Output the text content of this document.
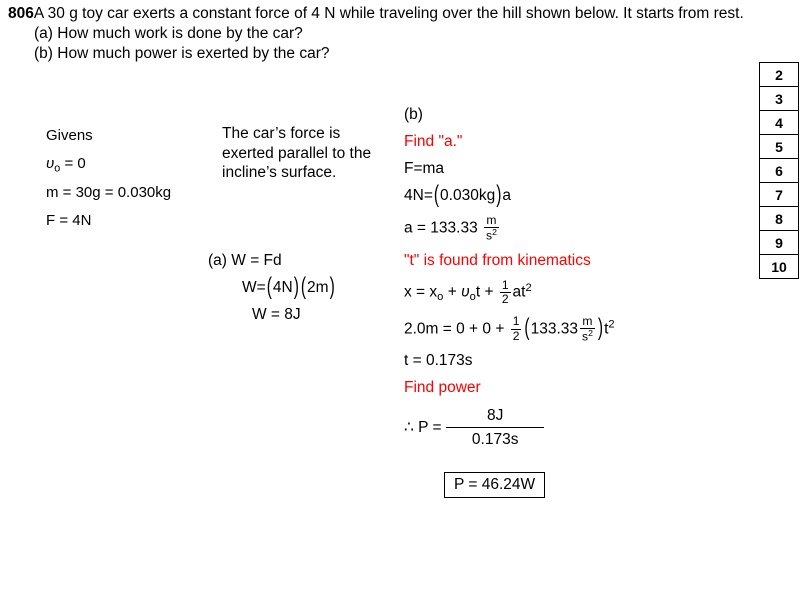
806A 30 g toy car exerts a constant force of 4 N while traveling over the hill shown below. It starts from rest.
(a) How much work is done by the car?
(b) How much power is exerted by the car?
2
3
4
5
6
7
8
9
10
Givens
$\upsilon_o = 0$
m = 30g = 0.030kg
F = 4N
The car’s force is exerted parallel to the incline’s surface.
(a) W = Fd
W=(4N) (2m)
W = 8J
(b)
Find "a."
F=ma
4N=(0.030kg)a
$a = 133.33 \frac{m}{s^2}$
"t" is found from kinematics
$x = x_o + \upsilon_ot + \frac{1}{2} at^2$
$2.0m = 0 + 0 + \frac{1}{2} (133.33 \frac{m}{s^2} )t^2$
t = 0.173s
Find power
∴ $P = \frac{8J}{0.173s}$
P = 46.24W
